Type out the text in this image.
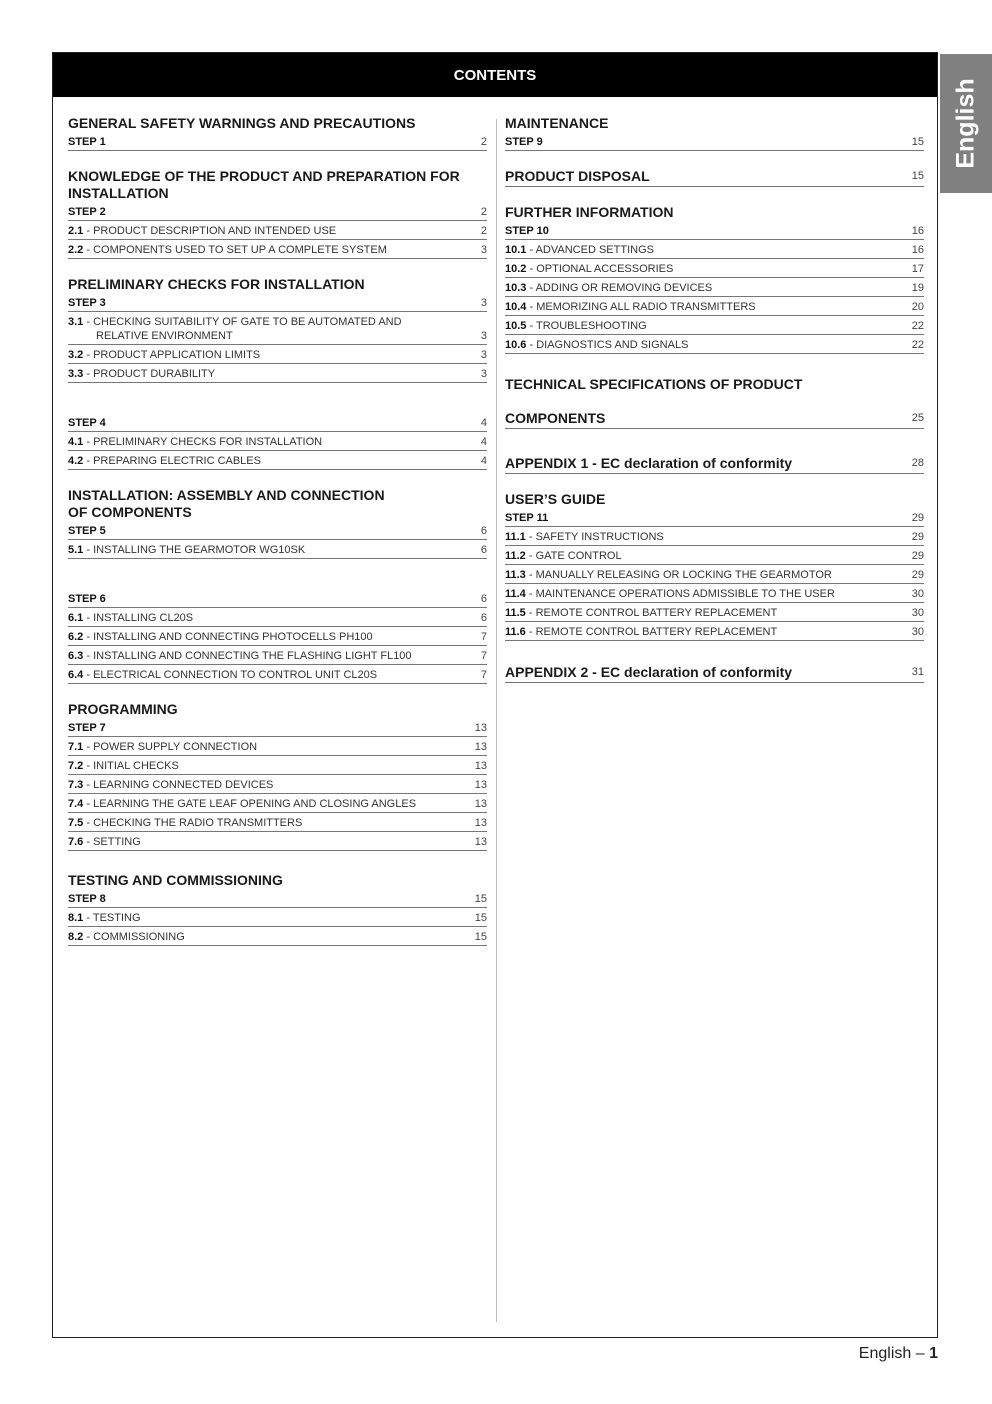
CONTENTS
English
GENERAL SAFETY WARNINGS AND PRECAUTIONS
STEP 1	2
KNOWLEDGE OF THE PRODUCT AND PREPARATION FOR INSTALLATION
STEP 2	2
2.1 - PRODUCT DESCRIPTION AND INTENDED USE	2
2.2 - COMPONENTS USED TO SET UP A COMPLETE SYSTEM	3
PRELIMINARY CHECKS FOR INSTALLATION
STEP 3	3
3.1 - CHECKING SUITABILITY OF GATE TO BE AUTOMATED AND
RELATIVE ENVIRONMENT	3
3.2 - PRODUCT APPLICATION LIMITS	3
3.3 - PRODUCT DURABILITY	3
STEP 4	4
4.1 - PRELIMINARY CHECKS FOR INSTALLATION	4
4.2 - PREPARING ELECTRIC CABLES	4
INSTALLATION: ASSEMBLY AND CONNECTION
OF COMPONENTS
STEP 5	6
5.1 - INSTALLING THE GEARMOTOR WG10SK	6
STEP 6	6
6.1 - INSTALLING CL20S	6
6.2 - INSTALLING AND CONNECTING PHOTOCELLS PH100	7
6.3 - INSTALLING AND CONNECTING THE FLASHING LIGHT FL100	7
6.4 - ELECTRICAL CONNECTION TO CONTROL UNIT CL20S	7
PROGRAMMING
STEP 7	13
7.1 - POWER SUPPLY CONNECTION	13
7.2 - INITIAL CHECKS	13
7.3 - LEARNING CONNECTED DEVICES	13
7.4 - LEARNING THE GATE LEAF OPENING AND CLOSING ANGLES	13
7.5 - CHECKING THE RADIO TRANSMITTERS	13
7.6 - SETTING	13
TESTING AND COMMISSIONING
STEP 8	15
8.1 - TESTING	15
8.2 - COMMISSIONING	15
MAINTENANCE
STEP 9	15
PRODUCT DISPOSAL	15
FURTHER INFORMATION
STEP 10	16
10.1 - ADVANCED SETTINGS	16
10.2 - OPTIONAL ACCESSORIES	17
10.3 - ADDING OR REMOVING DEVICES	19
10.4 - MEMORIZING ALL RADIO TRANSMITTERS	20
10.5 - TROUBLESHOOTING	22
10.6 - DIAGNOSTICS AND SIGNALS	22
TECHNICAL SPECIFICATIONS OF PRODUCT
COMPONENTS	25
APPENDIX 1 - EC declaration of conformity	28
USER’S GUIDE
STEP 11	29
11.1 - SAFETY INSTRUCTIONS	29
11.2 - GATE CONTROL	29
11.3 - MANUALLY RELEASING OR LOCKING THE GEARMOTOR	29
11.4 - MAINTENANCE OPERATIONS ADMISSIBLE TO THE USER	30
11.5 - REMOTE CONTROL BATTERY REPLACEMENT	30
11.6 - REMOTE CONTROL BATTERY REPLACEMENT	30
APPENDIX 2 - EC declaration of conformity	31
English – 1
